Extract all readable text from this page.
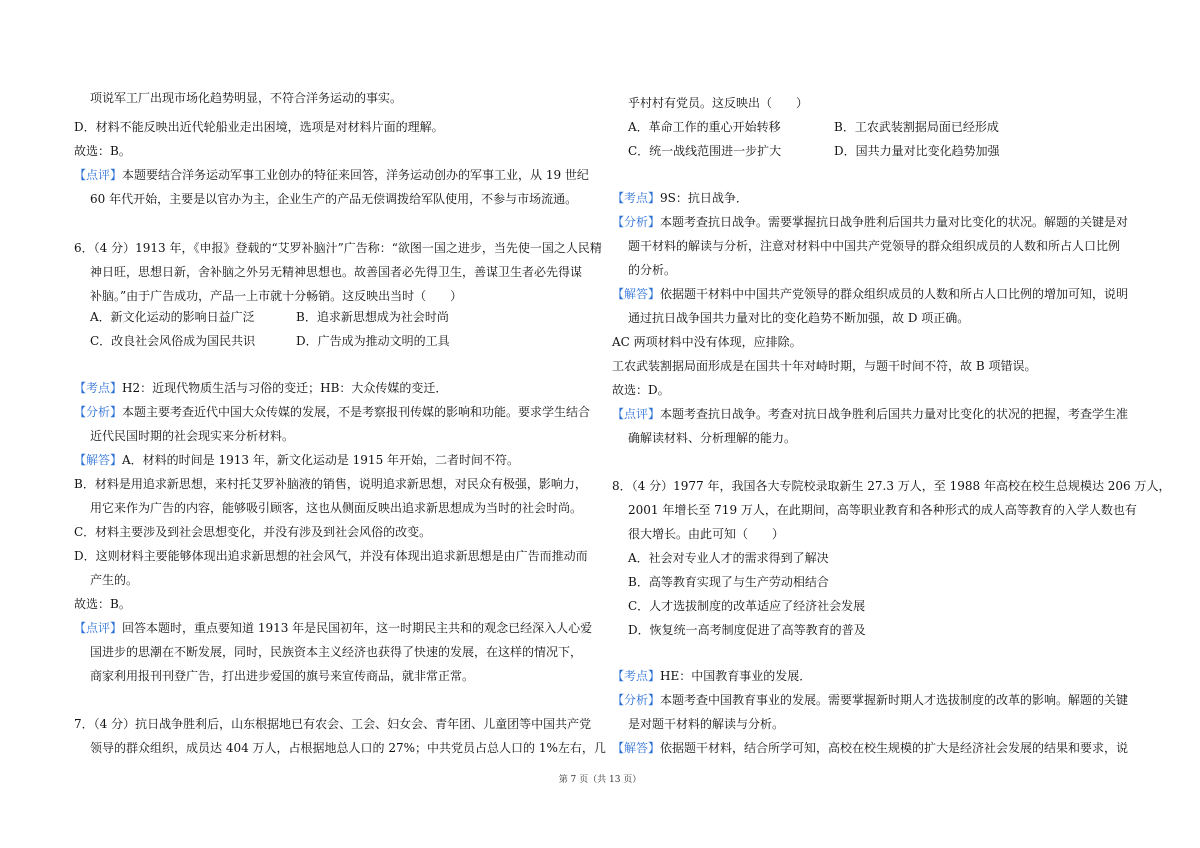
项说军工厂出现市场化趋势明显，不符合洋务运动的事实。
D．材料不能反映出近代轮船业走出困境，选项是对材料片面的理解。
故选：B。
【点评】本题要结合洋务运动军事工业创办的特征来回答，洋务运动创办的军事工业，从 19 世纪
60 年代开始，主要是以官办为主，企业生产的产品无偿调拨给军队使用，不参与市场流通。
6．（4 分）1913 年，《申报》登载的“艾罗补脑汁”广告称：“欲图一国之进步，当先使一国之人民精
神日旺，思想日新，舍补脑之外另无精神思想也。故善国者必先得卫生，善谋卫生者必先得谋
补脑。”由于广告成功，产品一上市就十分畅销。这反映出当时（　　）
A．新文化运动的影响日益广泛	B．追求新思想成为社会时尚
C．改良社会风俗成为国民共识	D．广告成为推动文明的工具
【考点】H2：近现代物质生活与习俗的变迁；HB：大众传媒的变迁．
【分析】本题主要考查近代中国大众传媒的发展，不是考察报刊传媒的影响和功能。要求学生结合
近代民国时期的社会现实来分析材料。
【解答】A．材料的时间是 1913 年，新文化运动是 1915 年开始，二者时间不符。
B．材料是用追求新思想，来村托艾罗补脑液的销售，说明追求新思想，对民众有极强，影响力，
用它来作为广告的内容，能够吸引顾客，这也从侧面反映出追求新思想成为当时的社会时尚。
C．材料主要涉及到社会思想变化，并没有涉及到社会风俗的改变。
D．这则材料主要能够体现出追求新思想的社会风气，并没有体现出追求新思想是由广告而推动而
产生的。
故选：B。
【点评】回答本题时，重点要知道 1913 年是民国初年，这一时期民主共和的观念已经深入人心爱
国进步的思潮在不断发展，同时，民族资本主义经济也获得了快速的发展，在这样的情况下，
商家利用报刊刊登广告，打出进步爱国的旗号来宣传商品，就非常正常。
7．（4 分）抗日战争胜利后，山东根据地已有农会、工会、妇女会、青年团、儿童团等中国共产党
领导的群众组织，成员达 404 万人，占根据地总人口的 27%；中共党员占总人口的 1%左右，几
乎村村有党员。这反映出（　　）
A．革命工作的重心开始转移	B．工农武装割据局面已经形成
C．统一战线范围进一步扩大	D．国共力量对比变化趋势加强
【考点】9S：抗日战争．
【分析】本题考查抗日战争。需要掌握抗日战争胜利后国共力量对比变化的状况。解题的关键是对
题干材料的解读与分析，注意对材料中中国共产党领导的群众组织成员的人数和所占人口比例
的分析。
【解答】依据题干材料中中国共产党领导的群众组织成员的人数和所占人口比例的增加可知，说明
通过抗日战争国共力量对比的变化趋势不断加强，故 D 项正确。
AC 两项材料中没有体现，应排除。
工农武装割据局面形成是在国共十年对峙时期，与题干时间不符，故 B 项错误。
故选：D。
【点评】本题考查抗日战争。考查对抗日战争胜利后国共力量对比变化的状况的把握，考查学生准
确解读材料、分析理解的能力。
8．（4 分）1977 年，我国各大专院校录取新生 27.3 万人，至 1988 年高校在校生总规模达 206 万人，
2001 年增长至 719 万人，在此期间，高等职业教育和各种形式的成人高等教育的入学人数也有
很大增长。由此可知（　　）
A．社会对专业人才的需求得到了解决
B．高等教育实现了与生产劳动相结合
C．人才选拔制度的改革适应了经济社会发展
D．恢复统一高考制度促进了高等教育的普及
【考点】HE：中国教育事业的发展．
【分析】本题考查中国教育事业的发展。需要掌握新时期人才选拔制度的改革的影响。解题的关键
是对题干材料的解读与分析。
【解答】依据题干材料，结合所学可知，高校在校生规模的扩大是经济社会发展的结果和要求，说
第 7 页（共 13 页）
